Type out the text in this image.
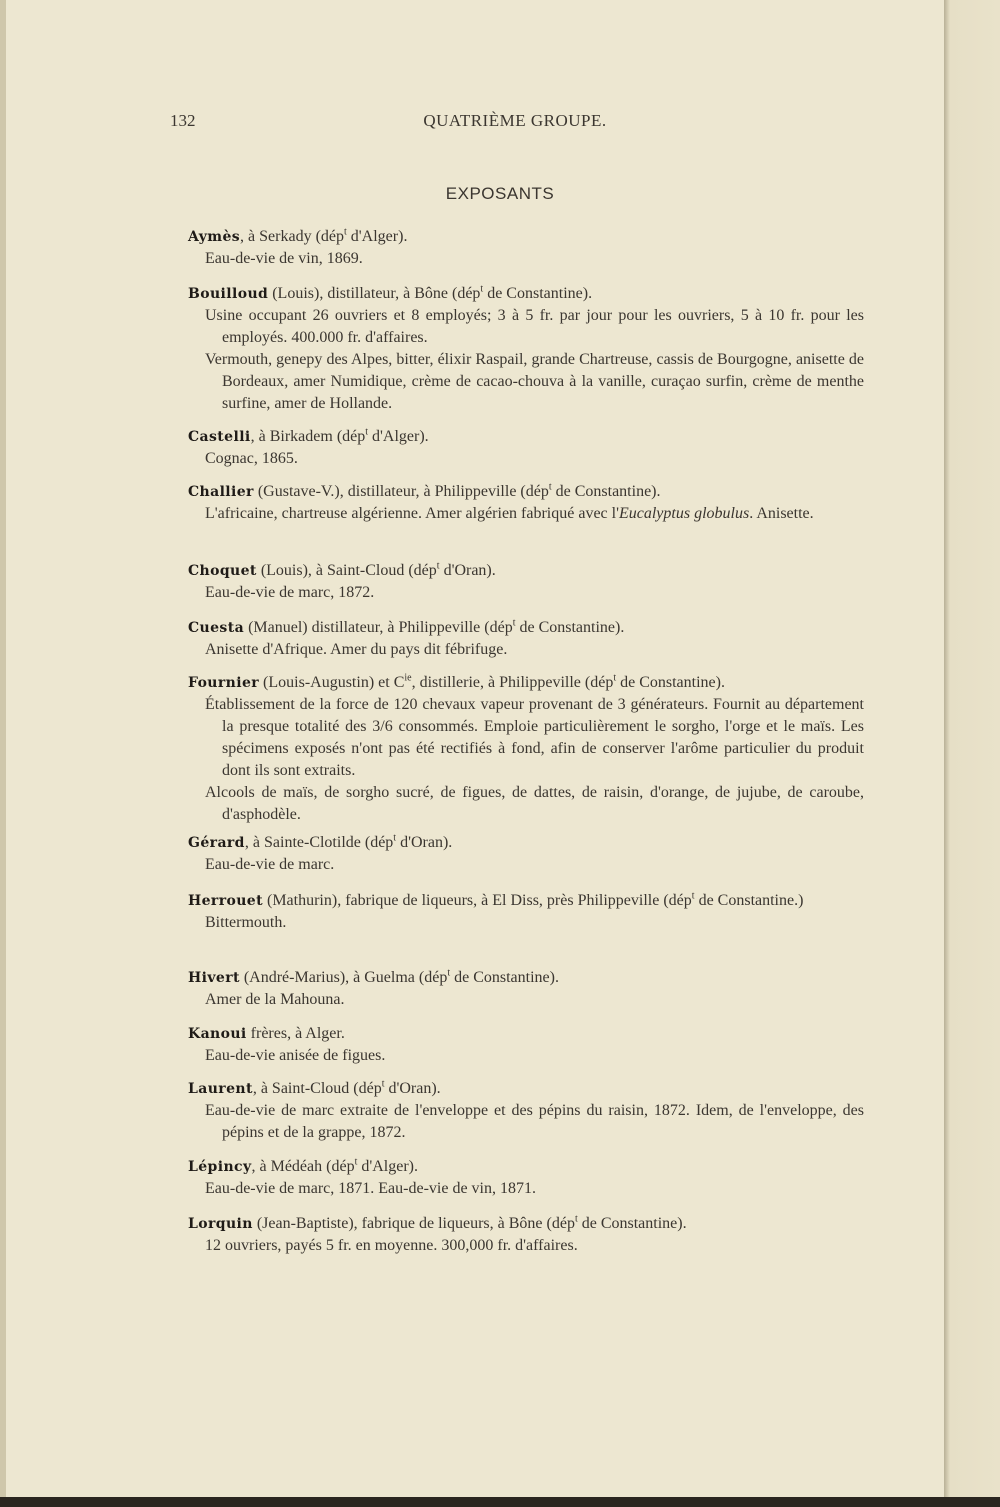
132	QUATRIÈME GROUPE.
EXPOSANTS
Aymès, à Serkady (dép$^t$ d'Alger).
Eau-de-vie de vin, 1869.
Bouilloud (Louis), distillateur, à Bône (dép$^t$ de Constantine).
Usine occupant 26 ouvriers et 8 employés; 3 à 5 fr. par jour pour les ouvriers, 5 à 10 fr. pour les employés. 400.000 fr. d'affaires.
Vermouth, genepy des Alpes, bitter, élixir Raspail, grande Chartreuse, cassis de Bourgogne, anisette de Bordeaux, amer Numidique, crème de cacao-chouva à la vanille, curaçao surfin, crème de menthe surfine, amer de Hollande.
Castelli, à Birkadem (dép$^t$ d'Alger).
Cognac, 1865.
Challier (Gustave-V.), distillateur, à Philippeville (dép$^t$ de Constantine).
L'africaine, chartreuse algérienne. Amer algérien fabriqué avec l'Eucalyptus globulus. Anisette.
Choquet (Louis), à Saint-Cloud (dép$^t$ d'Oran).
Eau-de-vie de marc, 1872.
Cuesta (Manuel) distillateur, à Philippeville (dép$^t$ de Constantine).
Anisette d'Afrique. Amer du pays dit fébrifuge.
Fournier (Louis-Augustin) et $C^{ie}$, distillerie, à Philippeville (dép$^t$ de Constantine).
Établissement de la force de 120 chevaux vapeur provenant de 3 générateurs. Fournit au département la presque totalité des 3/6 consommés. Emploie particulièrement le sorgho, l'orge et le maïs. Les spécimens exposés n'ont pas été rectifiés à fond, afin de conserver l'arôme particulier du produit dont ils sont extraits.
Alcools de maïs, de sorgho sucré, de figues, de dattes, de raisin, d'orange, de jujube, de caroube, d'asphodèle.
Gérard, à Sainte-Clotilde (dép$^t$ d'Oran).
Eau-de-vie de marc.
Herrouet (Mathurin), fabrique de liqueurs, à El Diss, près Philippeville (dép$^t$ de Constantine.)
Bittermouth.
Hivert (André-Marius), à Guelma (dép$^t$ de Constantine).
Amer de la Mahouna.
Kanoui frères, à Alger.
Eau-de-vie anisée de figues.
Laurent, à Saint-Cloud (dép$^t$ d'Oran).
Eau-de-vie de marc extraite de l'enveloppe et des pépins du raisin, 1872. Idem, de l'enveloppe, des pépins et de la grappe, 1872.
Lépincy, à Médéah (dép$^t$ d'Alger).
Eau-de-vie de marc, 1871. Eau-de-vie de vin, 1871.
Lorquin (Jean-Baptiste), fabrique de liqueurs, à Bône (dép$^t$ de Constantine).
12 ouvriers, payés 5 fr. en moyenne. 300,000 fr. d'affaires.
